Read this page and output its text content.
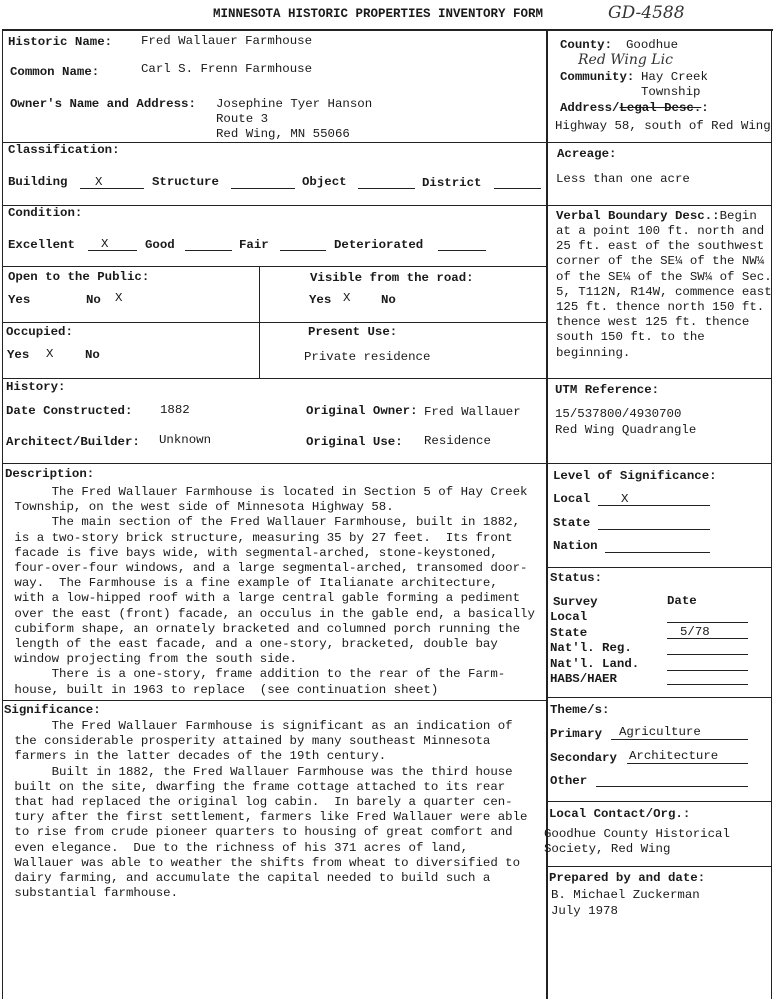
MINNESOTA HISTORIC PROPERTIES INVENTORY FORM	GD-4588
Historic Name: Fred Wallauer Farmhouse
Common Name:	Carl S. Frenn Farmhouse
Owner's Name and Address: Josephine Tyer Hanson
Route 3
Red Wing, MN 55066
Classification:
Building X	Structure	Object	District
Condition:
Excellent X	Good	Fair	Deteriorated
Open to the Public:
Yes	No X
Visible from the road:
Yes X No
Occupied:
Yes X	No
Present Use:
Private residence
History:
Date Constructed: 1882	Original Owner: Fred Wallauer
Architect/Builder: Unknown	Original Use: Residence
Description:
The Fred Wallauer Farmhouse is located in Section 5 of Hay Creek
Township, on the west side of Minnesota Highway 58.
The main section of the Fred Wallauer Farmhouse, built in 1882,
is a two-story brick structure, measuring 35 by 27 feet.  Its front
facade is five bays wide, with segmental-arched, stone-keystoned,
four-over-four windows, and a large segmental-arched, transomed door-
way.  The Farmhouse is a fine example of Italianate architecture,
with a low-hipped roof with a large central gable forming a pediment
over the east (front) facade, an occulus in the gable end, a basically
cubiform shape, an ornately bracketed and columned porch running the
length of the east facade, and a one-story, bracketed, double bay
window projecting from the south side.
There is a one-story, frame addition to the rear of the Farm-
house, built in 1963 to replace  (see continuation sheet)
Significance:
The Fred Wallauer Farmhouse is significant as an indication of
the considerable prosperity attained by many southeast Minnesota
farmers in the latter decades of the 19th century.
Built in 1882, the Fred Wallauer Farmhouse was the third house
built on the site, dwarfing the frame cottage attached to its rear
that had replaced the original log cabin.  In barely a quarter cen-
tury after the first settlement, farmers like Fred Wallauer were able
to rise from crude pioneer quarters to housing of great comfort and
even elegance.  Due to the richness of his 371 acres of land,
Wallauer was able to weather the shifts from wheat to diversified to
dairy farming, and accumulate the capital needed to build such a
substantial farmhouse.
County: Goodhue
Red Wing Lic
Community: Hay Creek
Township
Address/Legal Desc.:
Highway 58, south of Red Wing
Acreage:
Less than one acre
Verbal Boundary Desc.:Begin
at a point 100 ft. north and
25 ft. east of the southwest
corner of the SE¼ of the NW¼
of the SE¼ of the SW¼ of Sec.
5, T112N, R14W, commence east
125 ft. thence north 150 ft.
thence west 125 ft. thence
south 150 ft. to the
beginning.
UTM Reference:
15/537800/4930700
Red Wing Quadrangle
Level of Significance:
Local X
State
Nation
Status:
Date
Survey
Local
State	5/78
Nat'l. Reg.
Nat'l. Land.
HABS/HAER
Theme/s:
Primary Agriculture
Secondary Architecture
Other
Local Contact/Org.:
Goodhue County Historical
Society, Red Wing
Prepared by and date:
B. Michael Zuckerman
July 1978
